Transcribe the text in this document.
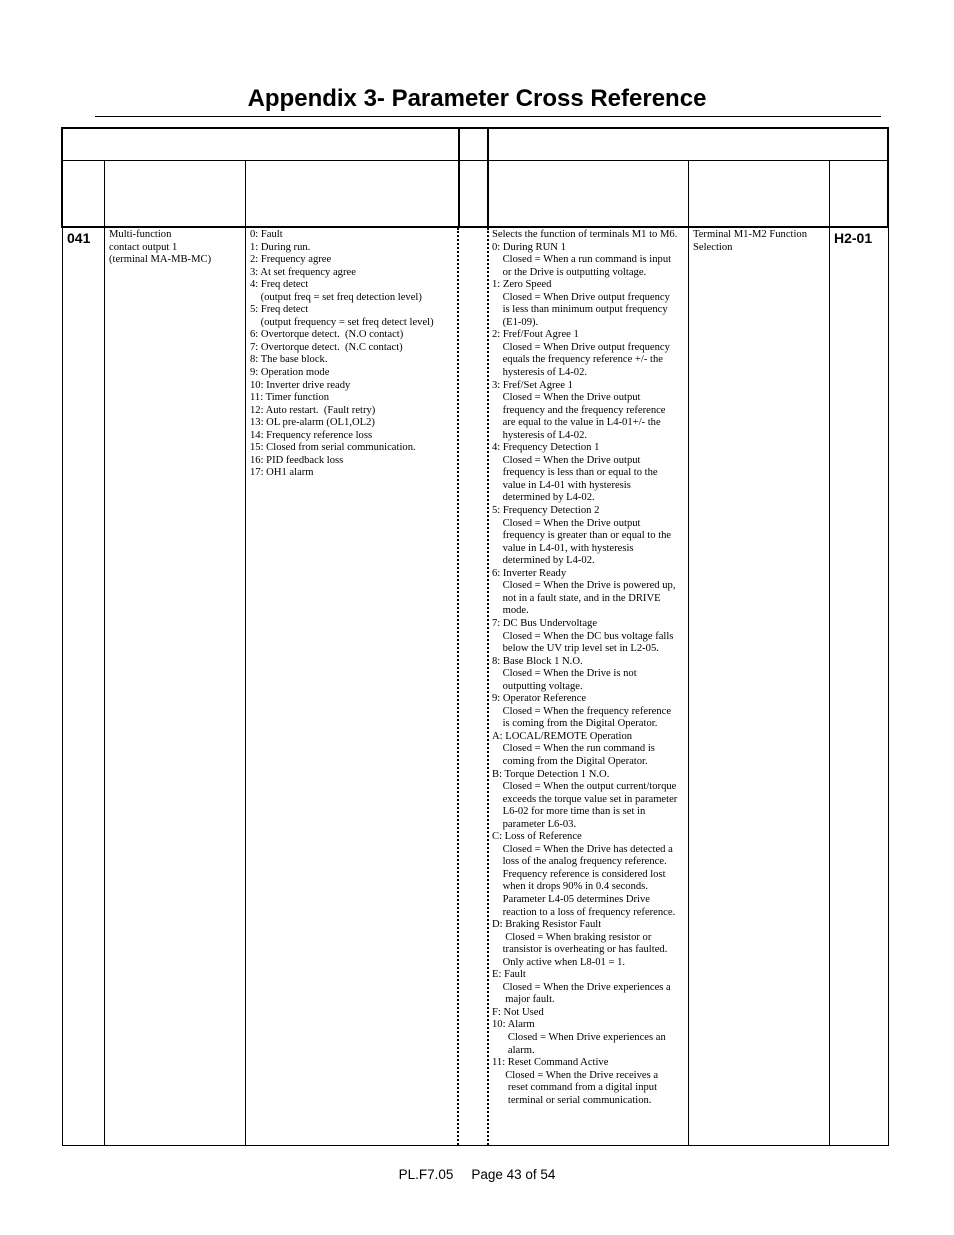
Appendix 3- Parameter Cross Reference
041 Multi-function
contact output 1
(terminal MA-MB-MC)
0: Fault
1: During run.
2: Frequency agree
3: At set frequency agree
4: Freq detect
(output freq = set freq detection level)
5: Freq detect
(output frequency = set freq detect level)
6: Overtorque detect.  (N.O contact)
7: Overtorque detect.  (N.C contact)
8: The base block.
9: Operation mode
10: Inverter drive ready
11: Timer function
12: Auto restart.  (Fault retry)
13: OL pre-alarm (OL1,OL2)
14: Frequency reference loss
15: Closed from serial communication.
16: PID feedback loss
17: OH1 alarm
Selects the function of terminals M1 to M6.
0: During RUN 1
Closed = When a run command is input
or the Drive is outputting voltage.
1: Zero Speed
Closed = When Drive output frequency
is less than minimum output frequency
(E1-09).
2: Fref/Fout Agree 1
Closed = When Drive output frequency
equals the frequency reference +/- the
hysteresis of L4-02.
3: Fref/Set Agree 1
Closed = When the Drive output
frequency and the frequency reference
are equal to the value in L4-01+/- the
hysteresis of L4-02.
4: Frequency Detection 1
Closed = When the Drive output
frequency is less than or equal to the
value in L4-01 with hysteresis
determined by L4-02.
5: Frequency Detection 2
Closed = When the Drive output
frequency is greater than or equal to the
value in L4-01, with hysteresis
determined by L4-02.
6: Inverter Ready
Closed = When the Drive is powered up,
not in a fault state, and in the DRIVE
mode.
7: DC Bus Undervoltage
Closed = When the DC bus voltage falls
below the UV trip level set in L2-05.
8: Base Block 1 N.O.
Closed = When the Drive is not
outputting voltage.
9: Operator Reference
Closed = When the frequency reference
is coming from the Digital Operator.
A: LOCAL/REMOTE Operation
Closed = When the run command is
coming from the Digital Operator.
B: Torque Detection 1 N.O.
Closed = When the output current/torque
exceeds the torque value set in parameter
L6-02 for more time than is set in
parameter L6-03.
C: Loss of Reference
Closed = When the Drive has detected a
loss of the analog frequency reference.
Frequency reference is considered lost
when it drops 90% in 0.4 seconds.
Parameter L4-05 determines Drive
reaction to a loss of frequency reference.
D: Braking Resistor Fault
Closed = When braking resistor or
transistor is overheating or has faulted.
Only active when L8-01 = 1.
E: Fault
Closed = When the Drive experiences a
major fault.
F: Not Used
10: Alarm
Closed = When Drive experiences an
alarm.
11: Reset Command Active
Closed = When the Drive receives a
reset command from a digital input
terminal or serial communication.
Terminal M1-M2 Function
Selection
H2-01
PL.F7.05 Page 43 of 54
